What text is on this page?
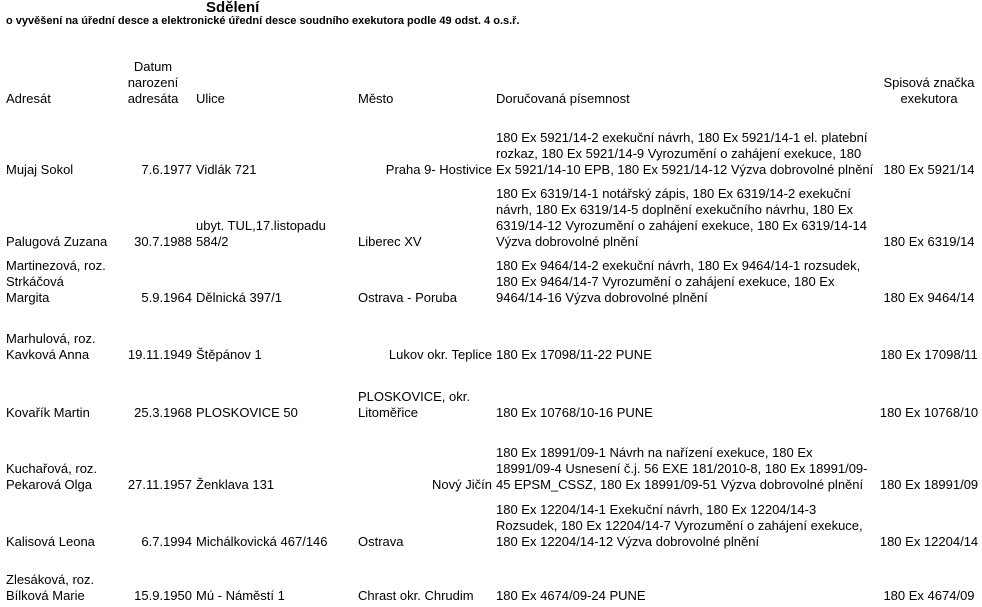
Sdělení
o vyvěšení na úřední desce a elektronické úřední desce soudního exekutora podle 49 odst. 4 o.s.ř.
Adresát	Datum narození adresáta	Ulice	Město	Doručovaná písemnost	Spisová značka exekutora
Mujaj Sokol	7.6.1977	Vidlák 721	Praha 9- Hostivice	180 Ex 5921/14-2 exekuční návrh, 180 Ex 5921/14-1 el. platební rozkaz, 180 Ex 5921/14-9 Vyrozumění o zahájení exekuce, 180 Ex 5921/14-10 EPB, 180 Ex 5921/14-12 Výzva dobrovolné plnění	180 Ex 5921/14
Palugová Zuzana	30.7.1988	ubyt. TUL,17.listopadu 584/2	Liberec XV	180 Ex 6319/14-1 notářský zápis, 180 Ex 6319/14-2 exekuční návrh, 180 Ex 6319/14-5 doplnění exekučního návrhu, 180 Ex 6319/14-12 Vyrozumění o zahájení exekuce, 180 Ex 6319/14-14 Výzva dobrovolné plnění	180 Ex 6319/14
Martinezová, roz. Strkáčová Margita	5.9.1964	Dělnická 397/1	Ostrava - Poruba	180 Ex 9464/14-2 exekuční návrh, 180 Ex 9464/14-1 rozsudek, 180 Ex 9464/14-7 Vyrozumění o zahájení exekuce, 180 Ex 9464/14-16 Výzva dobrovolné plnění	180 Ex 9464/14
Marhulová, roz. Kavková Anna	19.11.1949	Štěpánov 1	Lukov okr. Teplice	180 Ex 17098/11-22 PUNE	180 Ex 17098/11
Kovařík Martin	25.3.1968	PLOSKOVICE 50	PLOSKOVICE, okr. Litoměřice	180 Ex 10768/10-16 PUNE	180 Ex 10768/10
Kuchařová, roz. Pekarová Olga	27.11.1957	Ženklava 131	Nový Jičín	180 Ex 18991/09-1 Návrh na nařízení exekuce, 180 Ex 18991/09-4 Usnesení č.j. 56 EXE 181/2010-8, 180 Ex 18991/09-45 EPSM_CSSZ, 180 Ex 18991/09-51 Výzva dobrovolné plnění	180 Ex 18991/09
Kalisová Leona	6.7.1994	Michálkovická 467/146	Ostrava	180 Ex 12204/14-1 Exekuční návrh, 180 Ex 12204/14-3 Rozsudek, 180 Ex 12204/14-7 Vyrozumění o zahájení exekuce, 180 Ex 12204/14-12 Výzva dobrovolné plnění	180 Ex 12204/14
Zlesáková, roz. Bílková Marie	15.9.1950	Mú - Náměstí 1	Chrast okr. Chrudim	180 Ex 4674/09-24 PUNE	180 Ex 4674/09
